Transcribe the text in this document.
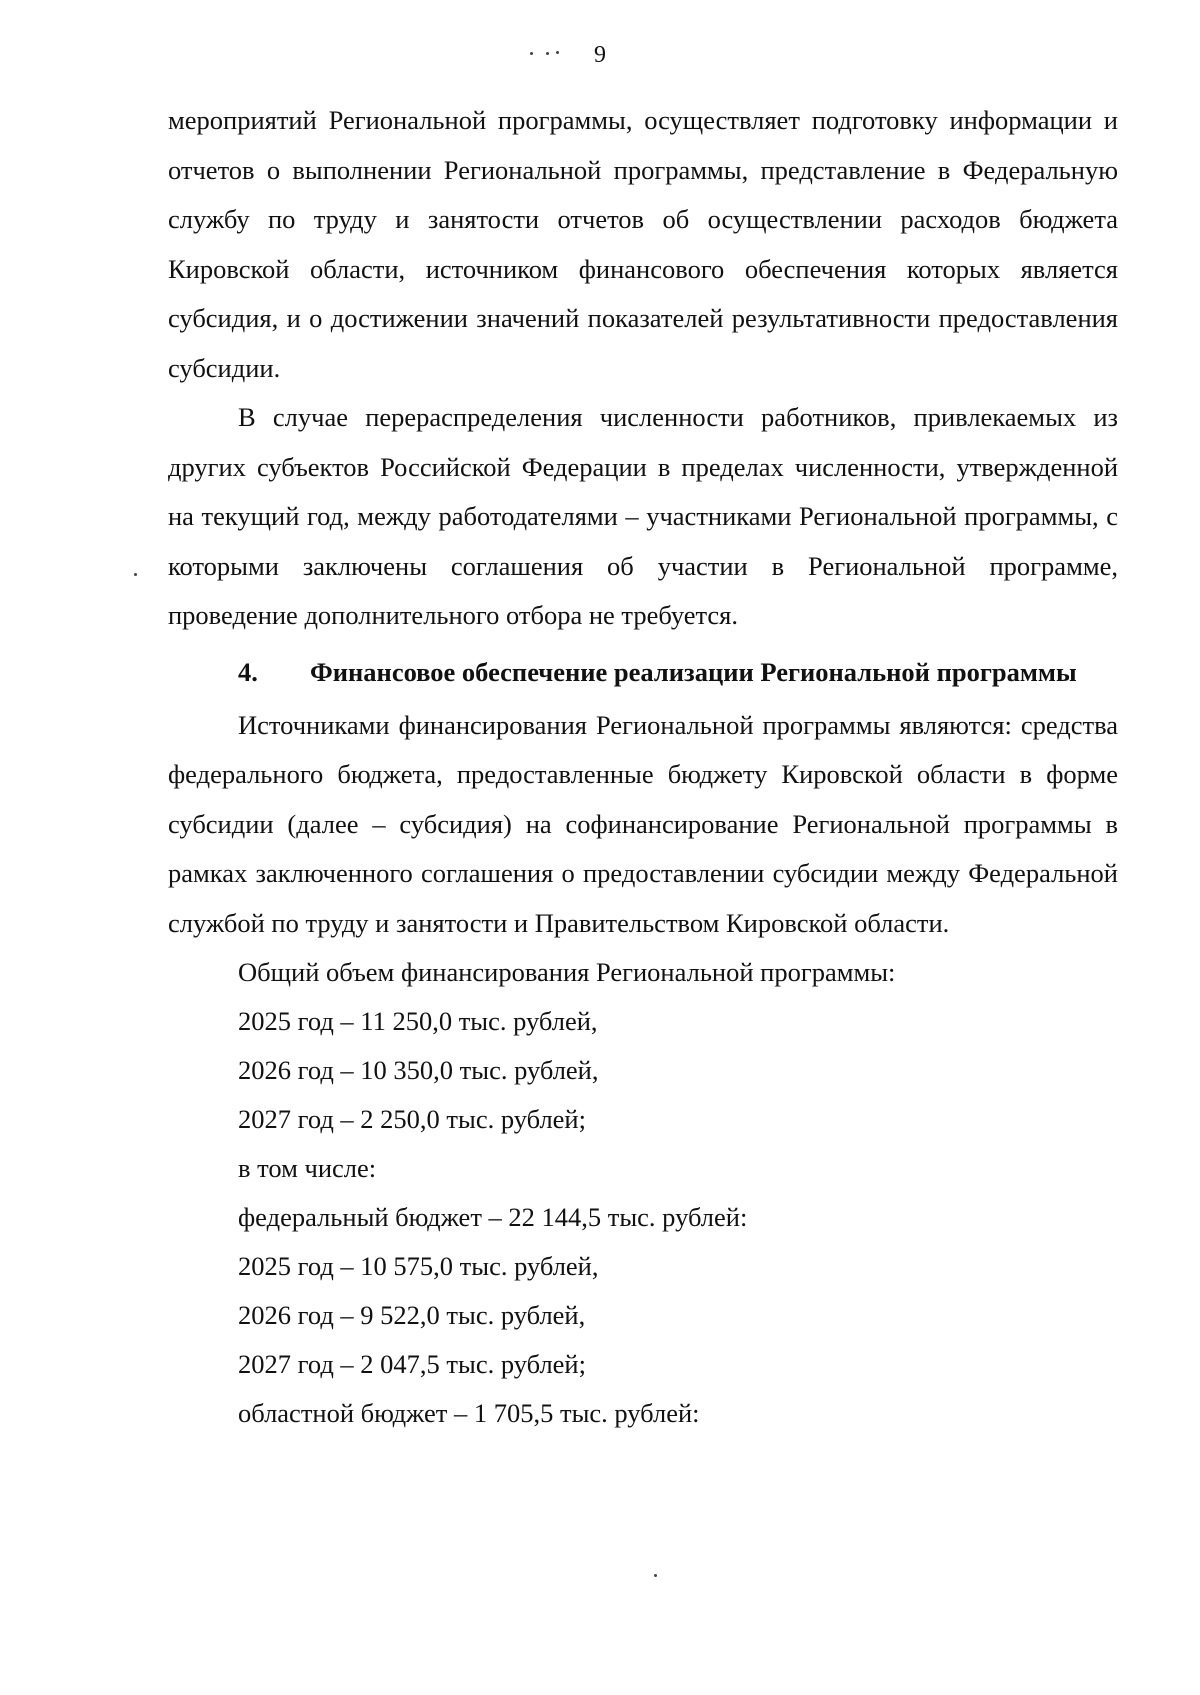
9

мероприятий Региональной программы, осуществляет подготовку информации и отчетов о выполнении Региональной программы, представление в Федеральную службу по труду и занятости отчетов об осуществлении расходов бюджета Кировской области, источником финансового обеспечения которых является субсидия, и о достижении значений показателей результативности предоставления субсидии.

В случае перераспределения численности работников, привлекаемых из других субъектов Российской Федерации в пределах численности, утвержденной на текущий год, между работодателями – участниками Региональной программы, с которыми заключены соглашения об участии в Региональной программе, проведение дополнительного отбора не требуется.

4.	Финансовое обеспечение реализации Региональной программы

Источниками финансирования Региональной программы являются: средства федерального бюджета, предоставленные бюджету Кировской области в форме субсидии (далее – субсидия) на софинансирование Региональной программы в рамках заключенного соглашения о предоставлении субсидии между Федеральной службой по труду и занятости и Правительством Кировской области.

Общий объем финансирования Региональной программы:

2025 год – 11 250,0 тыс. рублей,

2026 год – 10 350,0 тыс. рублей,

2027 год – 2 250,0 тыс. рублей;

в том числе:

федеральный бюджет – 22 144,5 тыс. рублей:

2025 год – 10 575,0 тыс. рублей,

2026 год – 9 522,0 тыс. рублей,

2027 год – 2 047,5 тыс. рублей;

областной бюджет – 1 705,5 тыс. рублей:
